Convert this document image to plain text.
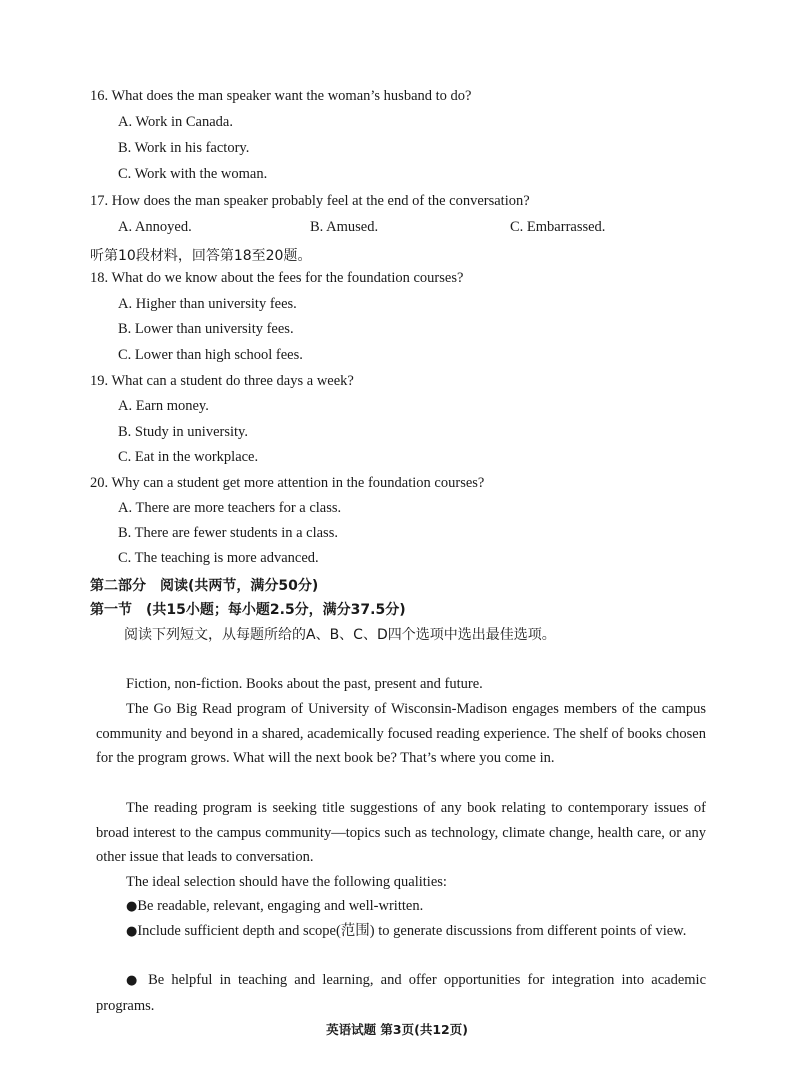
16. What does the man speaker want the woman’s husband to do?
A. Work in Canada.
B. Work in his factory.
C. Work with the woman.
17. How does the man speaker probably feel at the end of the conversation?
A. Annoyed.	B. Amused.	C. Embarrassed.
听第10段材料，回答第18至20题。
18. What do we know about the fees for the foundation courses?
A. Higher than university fees.
B. Lower than university fees.
C. Lower than high school fees.
19. What can a student do three days a week?
A. Earn money.
B. Study in university.
C. Eat in the workplace.
20. Why can a student get more attention in the foundation courses?
A. There are more teachers for a class.
B. There are fewer students in a class.
C. The teaching is more advanced.
第二部分　阅读(共两节，满分50分)
第一节　(共15小题；每小题2.5分，满分37.5分)
阅读下列短文，从每题所给的A、B、C、D四个选项中选出最佳选项。
Fiction, non-fiction. Books about the past, present and future.
The Go Big Read program of University of Wisconsin-Madison engages members of the campus community and beyond in a shared, academically focused reading experience. The shelf of books chosen for the program grows. What will the next book be? That’s where you come in.
The reading program is seeking title suggestions of any book relating to contemporary issues of broad interest to the campus community—topics such as technology, climate change, health care, or any other issue that leads to conversation.
The ideal selection should have the following qualities:
●Be readable, relevant, engaging and well-written.
●Include sufficient depth and scope(范围) to generate discussions from different points of view.
● Be helpful in teaching and learning, and offer opportunities for integration into academic programs.
英语试题 第3页(共12页)
